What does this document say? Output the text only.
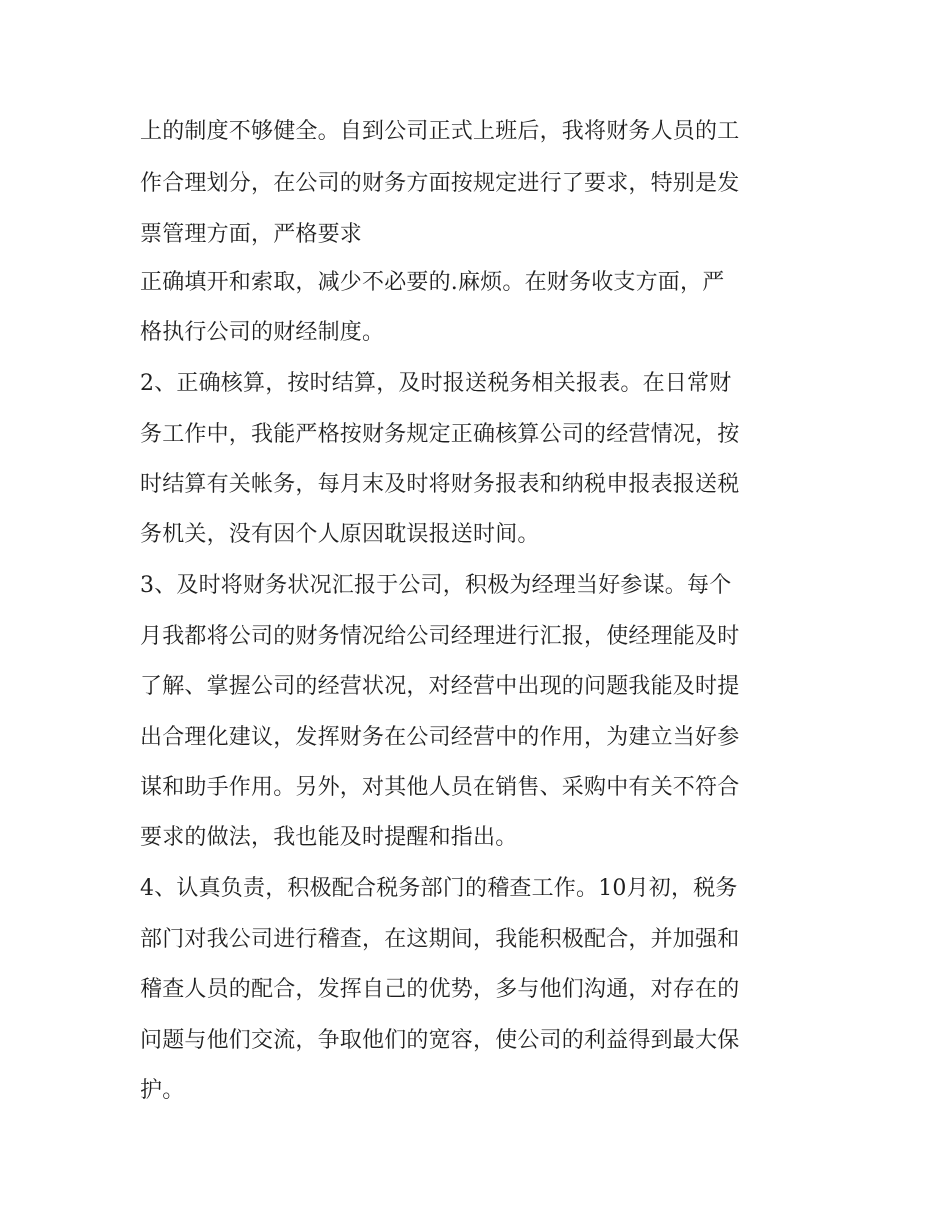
上的制度不够健全。自到公司正式上班后，我将财务人员的工
作合理划分，在公司的财务方面按规定进行了要求，特别是发
票管理方面，严格要求
正确填开和索取，减少不必要的.麻烦。在财务收支方面，严
格执行公司的财经制度。
2、正确核算，按时结算，及时报送税务相关报表。在日常财
务工作中，我能严格按财务规定正确核算公司的经营情况，按
时结算有关帐务，每月末及时将财务报表和纳税申报表报送税
务机关，没有因个人原因耽误报送时间。
3、及时将财务状况汇报于公司，积极为经理当好参谋。每个
月我都将公司的财务情况给公司经理进行汇报，使经理能及时
了解、掌握公司的经营状况，对经营中出现的问题我能及时提
出合理化建议，发挥财务在公司经营中的作用，为建立当好参
谋和助手作用。另外，对其他人员在销售、采购中有关不符合
要求的做法，我也能及时提醒和指出。
4、认真负责，积极配合税务部门的稽查工作。10月初，税务
部门对我公司进行稽查，在这期间，我能积极配合，并加强和
稽查人员的配合，发挥自己的优势，多与他们沟通，对存在的
问题与他们交流，争取他们的宽容，使公司的利益得到最大保
护。
